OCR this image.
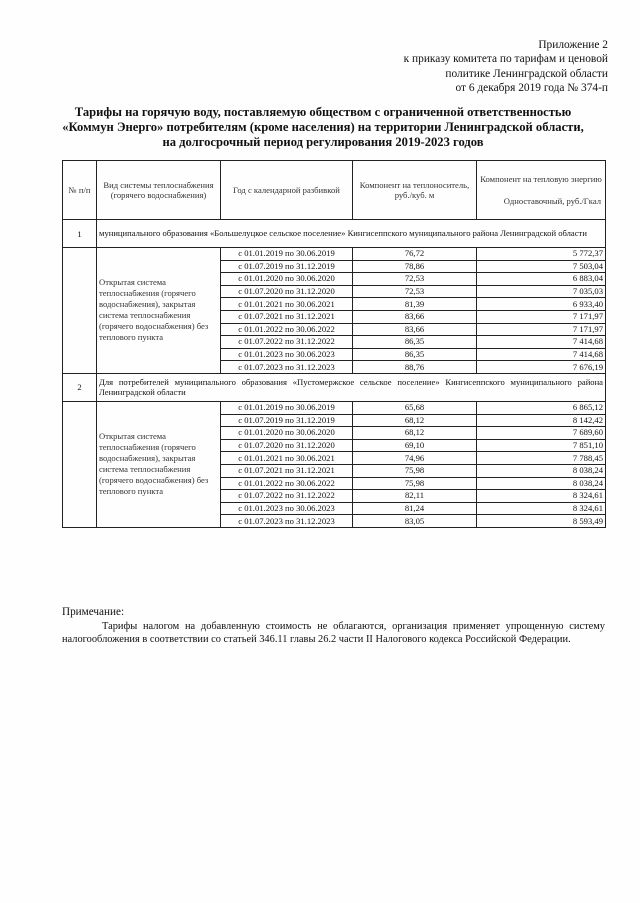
Приложение 2
к приказу комитета по тарифам и ценовой
политике Ленинградской области
от 6 декабря 2019 года № 374-п
Тарифы на горячую воду, поставляемую обществом с ограниченной ответственностью
«Коммун Энерго» потребителям (кроме населения) на территории Ленинградской области,
на долгосрочный период регулирования 2019-2023 годов
№ п/п	Вид системы теплоснабжения (горячего водоснабжения)	Год с календарной разбивкой	Компонент на теплоноситель, руб./куб. м	Компонент на тепловую энергию
Одноставочный, руб./Гкал

1	муниципального образования «Большелуцкое сельское поселение» Кингисеппского муниципального района Ленинградской области			
	Открытая система теплоснабжения (горячего водоснабжения), закрытая система теплоснабжения (горячего водоснабжения) без теплового пункта	с 01.01.2019 по 30.06.2019	76,72	5 772,37
		с 01.07.2019 по 31.12.2019	78,86	7 503,04
		с 01.01.2020 по 30.06.2020	72,53	6 883,04
		с 01.07.2020 по 31.12.2020	72,53	7 035,03
		с 01.01.2021 по 30.06.2021	81,39	6 933,40
		с 01.07.2021 по 31.12.2021	83,66	7 171,97
		с 01.01.2022 по 30.06.2022	83,66	7 171,97
		с 01.07.2022 по 31.12.2022	86,35	7 414,68
		с 01.01.2023 по 30.06.2023	86,35	7 414,68
		с 01.07.2023 по 31.12.2023	88,76	7 676,19
2	Для потребителей муниципального образования «Пустомержское сельское поселение» Кингисеппского муниципального района Ленинградской области			
	Открытая система теплоснабжения (горячего водоснабжения), закрытая система теплоснабжения (горячего водоснабжения) без теплового пункта	с 01.01.2019 по 30.06.2019	65,68	6 865,12
		с 01.07.2019 по 31.12.2019	68,12	8 142,42
		с 01.01.2020 по 30.06.2020	68,12	7 689,60
		с 01.07.2020 по 31.12.2020	69,10	7 851,10
		с 01.01.2021 по 30.06.2021	74,96	7 788,45
		с 01.07.2021 по 31.12.2021	75,98	8 038,24
		с 01.01.2022 по 30.06.2022	75,98	8 038,24
		с 01.07.2022 по 31.12.2022	82,11	8 324,61
		с 01.01.2023 по 30.06.2023	81,24	8 324,61
		с 01.07.2023 по 31.12.2023	83,05	8 593,49
Примечание:
Тарифы налогом на добавленную стоимость не облагаются, организация применяет упрощенную систему налогообложения в соответствии со статьей 346.11 главы 26.2 части II Налогового кодекса Российской Федерации.
